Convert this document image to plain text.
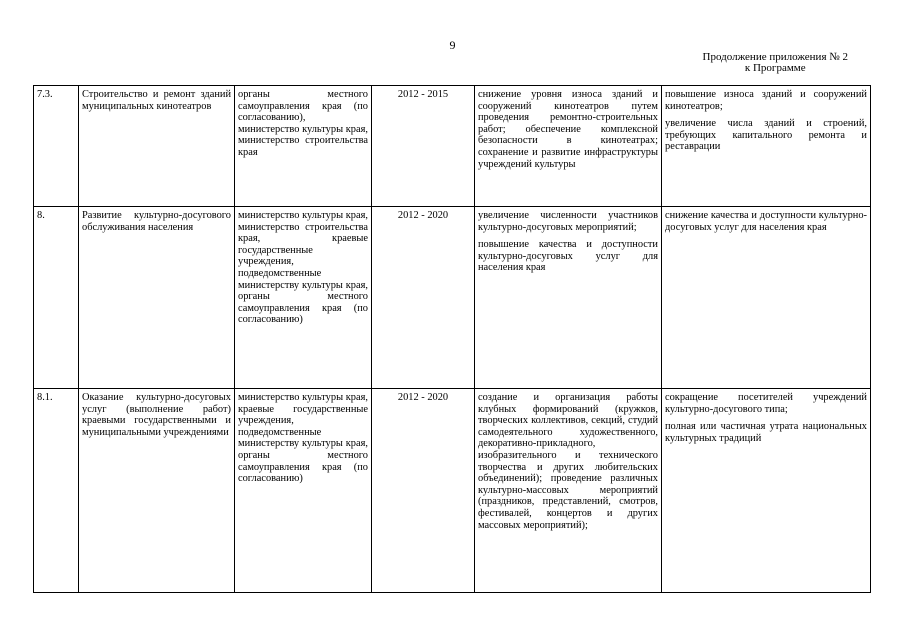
9
Продолжение приложения № 2
к Программе
7.3.	Строительство и ремонт зданий муниципальных кинотеатров	органы местного самоуправления края (по согласованию), министерство культуры края, министерство строительства края	2012 - 2015	снижение уровня износа зданий и сооружений кинотеатров путем проведения ремонтно-строительных работ; обеспечение комплексной безопасности в кинотеатрах; сохранение и развитие инфраструктуры учреждений культуры	повышение износа зданий и сооружений кинотеатров;

увеличение числа зданий и строений, требующих капитального ремонта и реставрации

8.	Развитие культурно-досугового обслуживания населения	министерство культуры края, министерство строительства края, краевые государственные учреждения, подведомственные министерству культуры края, органы местного самоуправления края (по согласованию)	2012 - 2020	увеличение численности участников культурно-досуговых мероприятий;

повышение качества и доступности культурно-досуговых услуг для населения края	снижение качества и доступности культурно-досуговых услуг для населения края

8.1.	Оказание культурно-досуговых услуг (выполнение работ) краевыми государственными и муниципальными учреждениями	министерство культуры края, краевые государственные учреждения, подведомственные министерству культуры края, органы местного самоуправления края (по согласованию)	2012 - 2020	создание и организация работы клубных формирований (кружков, творческих коллективов, секций, студий самодеятельного художественного, декоративно-прикладного, изобразительного и технического творчества и других любительских объединений); проведение различных культурно-массовых мероприятий (праздников, представлений, смотров, фестивалей, концертов и других массовых мероприятий);	сокращение посетителей учреждений культурно-досугового типа;

полная или частичная утрата национальных культурных традиций
